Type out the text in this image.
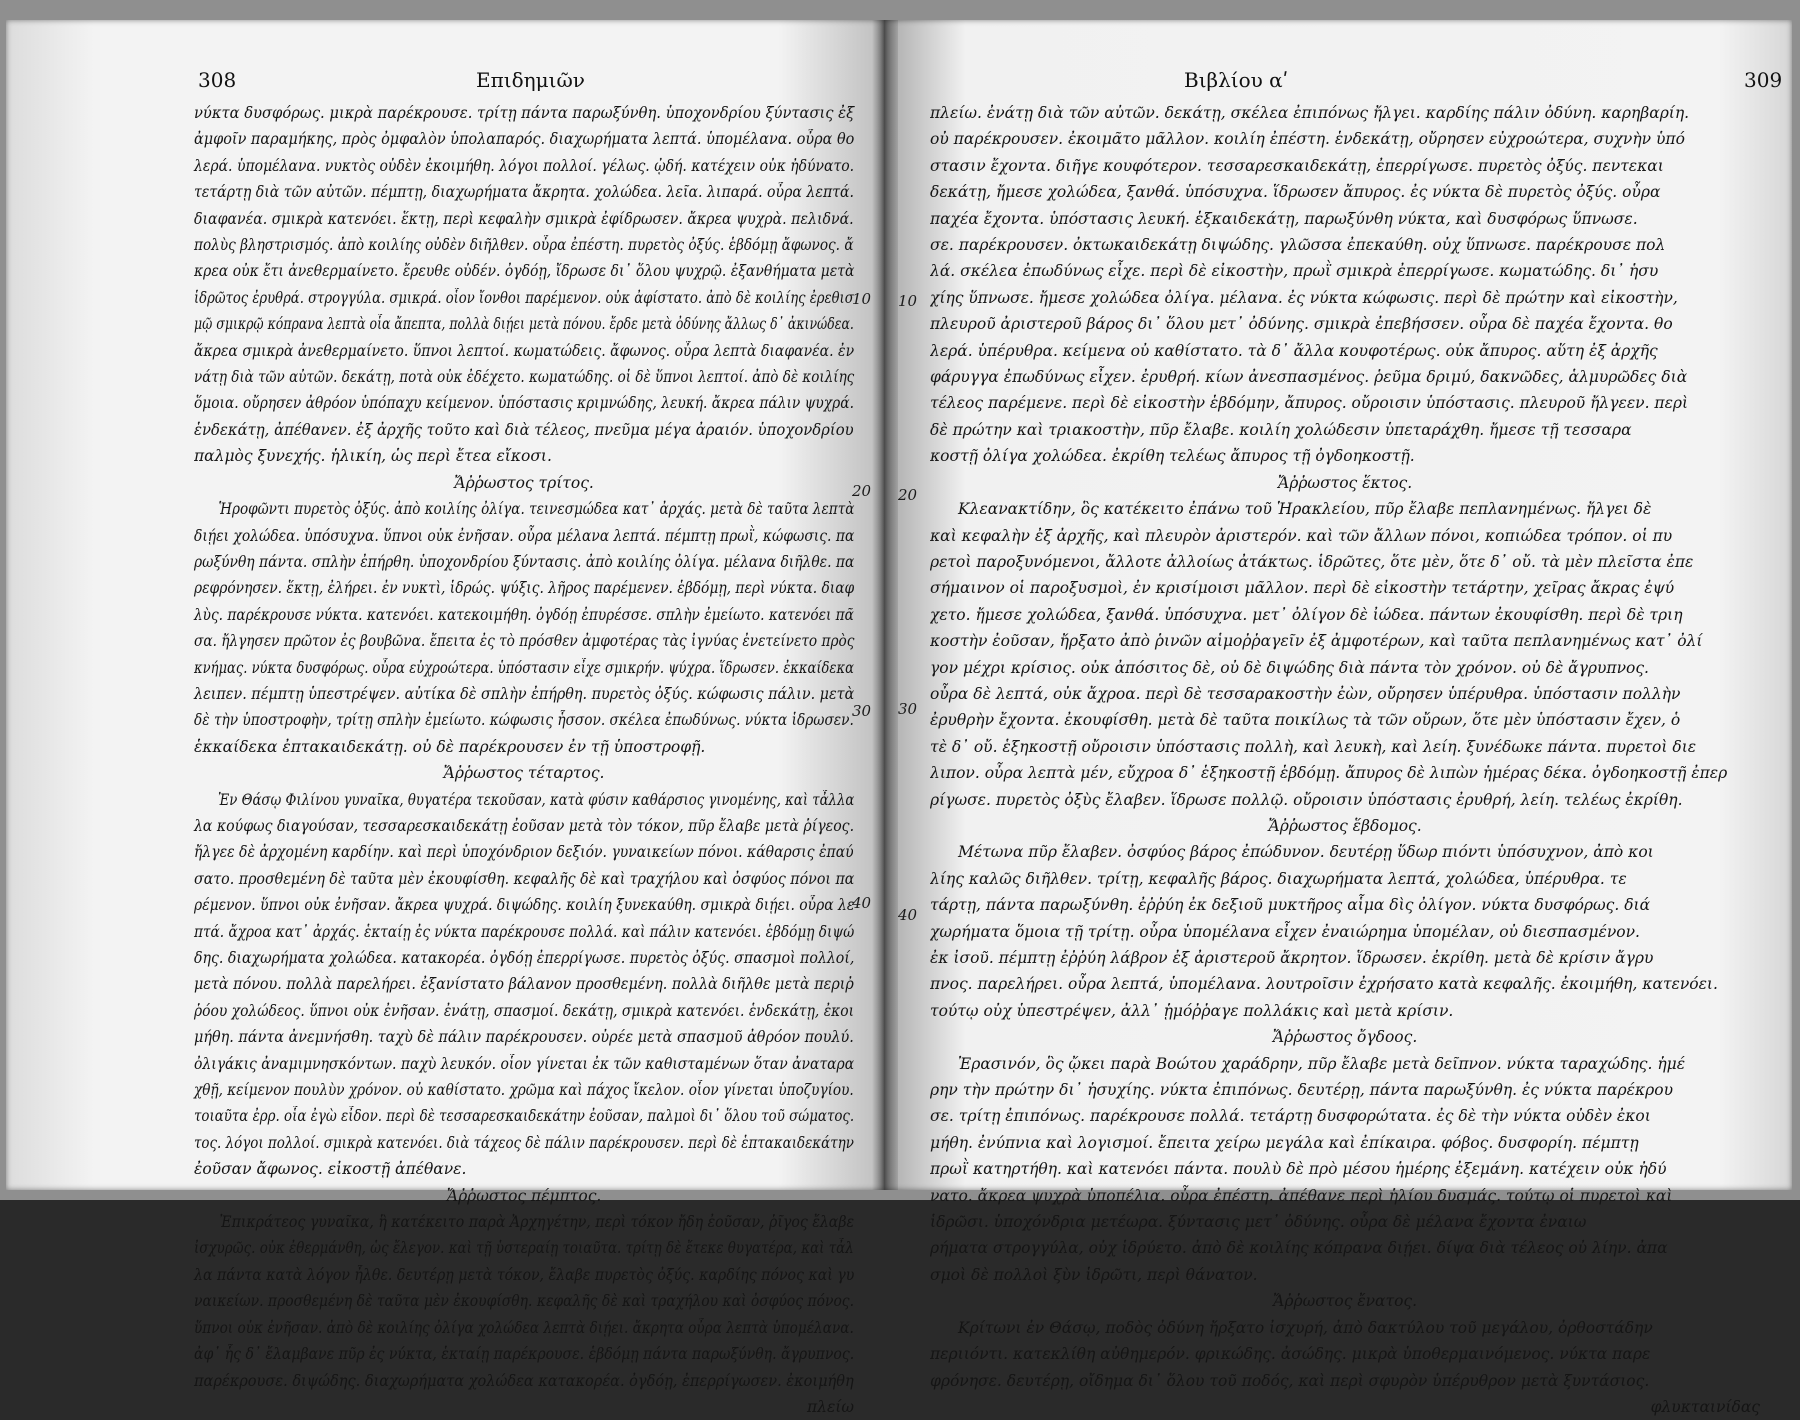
308	Επιδημιῶν
νύκτα δυσφόρως. μικρὰ παρέκρουσε. τρίτῃ πάντα παρωξύνθη. ὑποχονδρίου ξύντασις ἐξ
ἀμφοῖν παραμήκης, πρὸς ὀμφαλὸν ὑπολαπαρός. διαχωρήματα λεπτά. ὑπομέλανα. οὖρα θο
λερά. ὑπομέλανα. νυκτὸς οὐδὲν ἐκοιμήθη. λόγοι πολλοί. γέλως. ᾠδή. κατέχειν οὐκ ἠδύνατο.
τετάρτῃ διὰ τῶν αὐτῶν. πέμπτῃ, διαχωρήματα ἄκρητα. χολώδεα. λεῖα. λιπαρά. οὖρα λεπτά.
διαφανέα. σμικρὰ κατενόει. ἕκτῃ, περὶ κεφαλὴν σμικρὰ ἐφίδρωσεν. ἄκρεα ψυχρὰ. πελιδνά.
πολὺς βληστρισμός. ἀπὸ κοιλίης οὐδὲν διῆλθεν. οὖρα ἐπέστη. πυρετὸς ὀξύς. ἑβδόμῃ ἄφωνος. ἄ
κρεα οὐκ ἔτι ἀνεθερμαίνετο. ἔρευθε οὐδέν. ὀγδόῃ, ἴδρωσε δι᾽ ὅλου ψυχρῷ. ἐξανθήματα μετὰ
ἱδρῶτος ἐρυθρά. στρογγύλα. σμικρά. οἷον ἴονθοι παρέμενον. οὐκ ἀφίστατο. ἀπὸ δὲ κοιλίης ἐρεθισ
μῷ σμικρῷ κόπρανα λεπτὰ οἷα ἄπεπτα, πολλὰ διῄει μετὰ πόνου. ἔρδε μετὰ ὀδύνης ἄλλως δ᾽ ἀκινώδεα.
ἄκρεα σμικρὰ ἀνεθερμαίνετο. ὕπνοι λεπτοί. κωματώδεις. ἄφωνος. οὖρα λεπτὰ διαφανέα. ἐν
νάτῃ διὰ τῶν αὐτῶν. δεκάτῃ, ποτὰ οὐκ ἐδέχετο. κωματώδης. οἱ δὲ ὕπνοι λεπτοί. ἀπὸ δὲ κοιλίης
ὅμοια. οὔρησεν ἀθρόον ὑπόπαχυ κείμενον. ὑπόστασις κριμνώδης, λευκή. ἄκρεα πάλιν ψυχρά.
ἑνδεκάτῃ, ἀπέθανεν. ἐξ ἀρχῆς τοῦτο καὶ διὰ τέλεος, πνεῦμα μέγα ἀραιόν. ὑποχονδρίου
παλμὸς ξυνεχής. ἡλικίη, ὡς περὶ ἔτεα εἴκοσι.
Ἄῤῥωστος τρίτος.
Ἡροφῶντι πυρετὸς ὀξύς. ἀπὸ κοιλίης ὀλίγα. τεινεσμώδεα κατ᾽ ἀρχάς. μετὰ δὲ ταῦτα λεπτὰ
διῄει χολώδεα. ὑπόσυχνα. ὕπνοι οὐκ ἐνῆσαν. οὖρα μέλανα λεπτά. πέμπτῃ πρωῒ, κώφωσις. πα
ρωξύνθη πάντα. σπλὴν ἐπήρθη. ὑποχονδρίου ξύντασις. ἀπὸ κοιλίης ὀλίγα. μέλανα διῆλθε. πα
ρεφρόνησεν. ἕκτῃ, ἐλήρει. ἐν νυκτὶ, ἱδρώς. ψύξις. λῆρος παρέμενεν. ἑβδόμῃ, περὶ νύκτα. διαφ
λὺς. παρέκρουσε νύκτα. κατενόει. κατεκοιμήθη. ὀγδόῃ ἐπυρέσσε. σπλὴν ἐμείωτο. κατενόει πᾶ
σα. ἤλγησεν πρῶτον ἐς βουβῶνα. ἔπειτα ἐς τὸ πρόσθεν ἀμφοτέρας τὰς ἰγνύας ἐνετείνετο πρὸς
κνήμας. νύκτα δυσφόρως. οὖρα εὐχροώτερα. ὑπόστασιν εἶχε σμικρήν. ψύχρα. ἵδρωσεν. ἐκκαίδεκα
λειπεν. πέμπτῃ ὑπεστρέψεν. αὐτίκα δὲ σπλὴν ἐπήρθη. πυρετὸς ὀξύς. κώφωσις πάλιν. μετὰ
δὲ τὴν ὑποστροφὴν, τρίτῃ σπλὴν ἐμείωτο. κώφωσις ἧσσον. σκέλεα ἐπωδύνως. νύκτα ἱδρωσεν.
ἑκκαίδεκα ἐπτακαιδεκάτῃ. οὐ δὲ παρέκρουσεν ἐν τῇ ὑποστροφῇ.
Ἄῤῥωστος τέταρτος.
Ἐν Θάσῳ Φιλίνου γυναῖκα, θυγατέρα τεκοῦσαν, κατὰ φύσιν καθάρσιος γινομένης, καὶ τἆλλα
λα κούφως διαγούσαν, τεσσαρεσκαιδεκάτῃ ἐοῦσαν μετὰ τὸν τόκον, πῦρ ἔλαβε μετὰ ῥίγεος.
ἤλγεε δὲ ἀρχομένη καρδίην. καὶ περὶ ὑποχόνδριον δεξιόν. γυναικείων πόνοι. κάθαρσις ἐπαύ
σατο. προσθεμένη δὲ ταῦτα μὲν ἐκουφίσθη. κεφαλῆς δὲ καὶ τραχήλου καὶ ὀσφύος πόνοι πα
ρέμενον. ὕπνοι οὐκ ἐνῆσαν. ἄκρεα ψυχρά. διψώδης. κοιλίη ξυνεκαύθη. σμικρὰ διῄει. οὖρα λε
πτά. ἄχροα κατ᾽ ἀρχάς. ἑκταίῃ ἐς νύκτα παρέκρουσε πολλά. καὶ πάλιν κατενόει. ἑβδόμῃ διψώ
δης. διαχωρήματα χολώδεα. κατακορέα. ὀγδόῃ ἐπερρίγωσε. πυρετὸς ὀξύς. σπασμοὶ πολλοί,
μετὰ πόνου. πολλὰ παρελήρει. ἐξανίστατο βάλανον προσθεμένη. πολλὰ διῆλθε μετὰ περιῤ
ῥόου χολώδεος. ὕπνοι οὐκ ἐνῆσαν. ἐνάτῃ, σπασμοί. δεκάτῃ, σμικρὰ κατενόει. ἑνδεκάτῃ, ἐκοι
μήθη. πάντα ἀνεμνήσθη. ταχὺ δὲ πάλιν παρέκρουσεν. οὐρέε μετὰ σπασμοῦ ἀθρόον πουλύ.
ὀλιγάκις ἀναμιμνησκόντων. παχὺ λευκόν. οἷον γίνεται ἐκ τῶν καθισταμένων ὅταν ἀναταρα
χθῇ, κείμενον πουλὺν χρόνον. οὐ καθίστατο. χρῶμα καὶ πάχος ἴκελον. οἷον γίνεται ὑποζυγίου.
τοιαῦτα ἐρρ. οἷα ἐγὼ εἶδον. περὶ δὲ τεσσαρεσκαιδεκάτην ἐοῦσαν, παλμοὶ δι᾽ ὅλου τοῦ σώματος.
τος. λόγοι πολλοί. σμικρὰ κατενόει. διὰ τάχεος δὲ πάλιν παρέκρουσεν. περὶ δὲ ἑπτακαιδεκάτην
ἐοῦσαν ἄφωνος. εἰκοστῇ ἀπέθανε.
Ἄῤῥωστος πέμπτος.
Ἐπικράτεος γυναῖκα, ἣ κατέκειτο παρὰ Ἀρχηγέτην, περὶ τόκον ἤδη ἐοῦσαν, ῥῖγος ἔλαβε
ἰσχυρῶς. οὐκ ἐθερμάνθη, ὡς ἔλεγον. καὶ τῇ ὑστεραίῃ τοιαῦτα. τρίτῃ δὲ ἔτεκε θυγατέρα, καὶ τἆλ
λα πάντα κατὰ λόγον ἦλθε. δευτέρῃ μετὰ τόκον, ἔλαβε πυρετὸς ὀξύς. καρδίης πόνος καὶ γυ
ναικείων. προσθεμένη δὲ ταῦτα μὲν ἐκουφίσθη. κεφαλῆς δὲ καὶ τραχήλου καὶ ὀσφύος πόνος.
ὕπνοι οὐκ ἐνῆσαν. ἀπὸ δὲ κοιλίης ὀλίγα χολώδεα λεπτὰ διῄει. ἄκρητα οὖρα λεπτὰ ὑπομέλανα.
ἀφ᾽ ἧς δ᾽ ἔλαμβανε πῦρ ἐς νύκτα, ἑκταίῃ παρέκρουσε. ἑβδόμῃ πάντα παρωξύνθη. ἄγρυπνος.
παρέκρουσε. διψώδης. διαχωρήματα χολώδεα κατακορέα. ὀγδόῃ, ἐπερρίγωσεν. ἐκοιμήθη
πλείω
10
20
30
40
Βιβλίου αʹ	309
πλείω. ἐνάτῃ διὰ τῶν αὐτῶν. δεκάτῃ, σκέλεα ἐπιπόνως ἤλγει. καρδίης πάλιν ὀδύνη. καρηβαρίη.
οὐ παρέκρουσεν. ἐκοιμᾶτο μᾶλλον. κοιλίη ἐπέστη. ἑνδεκάτῃ, οὔρησεν εὐχροώτερα, συχνὴν ὑπό
στασιν ἔχοντα. διῆγε κουφότερον. τεσσαρεσκαιδεκάτῃ, ἐπερρίγωσε. πυρετὸς ὀξύς. πεντεκαι
δεκάτῃ, ἤμεσε χολώδεα, ξανθά. ὑπόσυχνα. ἵδρωσεν ἄπυρος. ἐς νύκτα δὲ πυρετὸς ὀξύς. οὖρα
παχέα ἔχοντα. ὑπόστασις λευκή. ἑξκαιδεκάτῃ, παρωξύνθη νύκτα, καὶ δυσφόρως ὕπνωσε.
σε. παρέκρουσεν. ὀκτωκαιδεκάτῃ διψώδης. γλῶσσα ἐπεκαύθη. οὐχ ὕπνωσε. παρέκρουσε πολ
λά. σκέλεα ἐπωδύνως εἶχε. περὶ δὲ εἰκοστὴν, πρωῒ σμικρὰ ἐπερρίγωσε. κωματώδης. δι᾽ ἡσυ
χίης ὕπνωσε. ἤμεσε χολώδεα ὀλίγα. μέλανα. ἐς νύκτα κώφωσις. περὶ δὲ πρώτην καὶ εἰκοστὴν,
πλευροῦ ἀριστεροῦ βάρος δι᾽ ὅλου μετ᾽ ὀδύνης. σμικρὰ ἐπεβήσσεν. οὖρα δὲ παχέα ἔχοντα. θο
λερά. ὑπέρυθρα. κείμενα οὐ καθίστατο. τὰ δ᾽ ἄλλα κουφοτέρως. οὐκ ἄπυρος. αὕτη ἐξ ἀρχῆς
φάρυγγα ἐπωδύνως εἶχεν. ἐρυθρή. κίων ἀνεσπασμένος. ῥεῦμα δριμύ, δακνῶδες, ἁλμυρῶδες διὰ
τέλεος παρέμενε. περὶ δὲ εἰκοστὴν ἑβδόμην, ἄπυρος. οὔροισιν ὑπόστασις. πλευροῦ ἤλγεεν. περὶ
δὲ πρώτην καὶ τριακοστὴν, πῦρ ἔλαβε. κοιλίη χολώδεσιν ὑπεταράχθη. ἤμεσε τῇ τεσσαρα
κοστῇ ὀλίγα χολώδεα. ἐκρίθη τελέως ἄπυρος τῇ ὀγδοηκοστῇ.
Ἄῤῥωστος ἕκτος.
Κλεανακτίδην, ὃς κατέκειτο ἐπάνω τοῦ Ἡρακλείου, πῦρ ἔλαβε πεπλανημένως. ἤλγει δὲ
καὶ κεφαλὴν ἐξ ἀρχῆς, καὶ πλευρὸν ἀριστερόν. καὶ τῶν ἄλλων πόνοι, κοπιώδεα τρόπον. οἱ πυ
ρετοὶ παροξυνόμενοι, ἄλλοτε ἀλλοίως ἀτάκτως. ἱδρῶτες, ὅτε μὲν, ὅτε δ᾽ οὔ. τὰ μὲν πλεῖστα ἐπε
σήμαινον οἱ παροξυσμοὶ, ἐν κρισίμοισι μᾶλλον. περὶ δὲ εἰκοστὴν τετάρτην, χεῖρας ἄκρας ἐψύ
χετο. ἤμεσε χολώδεα, ξανθά. ὑπόσυχνα. μετ᾽ ὀλίγον δὲ ἰώδεα. πάντων ἐκουφίσθη. περὶ δὲ τριη
κοστὴν ἐοῦσαν, ἤρξατο ἀπὸ ῥινῶν αἱμοῤῥαγεῖν ἐξ ἀμφοτέρων, καὶ ταῦτα πεπλανημένως κατ᾽ ὀλί
γον μέχρι κρίσιος. οὐκ ἀπόσιτος δὲ, οὐ δὲ διψώδης διὰ πάντα τὸν χρόνον. οὐ δὲ ἄγρυπνος.
οὖρα δὲ λεπτά, οὐκ ἄχροα. περὶ δὲ τεσσαρακοστὴν ἐὼν, οὔρησεν ὑπέρυθρα. ὑπόστασιν πολλὴν
ἐρυθρὴν ἔχοντα. ἐκουφίσθη. μετὰ δὲ ταῦτα ποικίλως τὰ τῶν οὔρων, ὅτε μὲν ὑπόστασιν ἔχεν, ὁ
τὲ δ᾽ οὔ. ἑξηκοστῇ οὔροισιν ὑπόστασις πολλὴ, καὶ λευκὴ, καὶ λείη. ξυνέδωκε πάντα. πυρετοὶ διε
λιπον. οὖρα λεπτὰ μέν, εὔχροα δ᾽ ἑξηκοστῇ ἑβδόμῃ. ἄπυρος δὲ λιπὼν ἡμέρας δέκα. ὀγδοηκοστῇ ἐπερ
ρίγωσε. πυρετὸς ὀξὺς ἔλαβεν. ἵδρωσε πολλῷ. οὔροισιν ὑπόστασις ἐρυθρή, λείη. τελέως ἐκρίθη.
Ἄῤῥωστος ἕβδομος.
Μέτωνα πῦρ ἔλαβεν. ὀσφύος βάρος ἐπώδυνον. δευτέρῃ ὕδωρ πιόντι ὑπόσυχνον, ἀπὸ κοι
λίης καλῶς διῆλθεν. τρίτῃ, κεφαλῆς βάρος. διαχωρήματα λεπτά, χολώδεα, ὑπέρυθρα. τε
τάρτῃ, πάντα παρωξύνθη. ἐῤῥύη ἐκ δεξιοῦ μυκτῆρος αἷμα δὶς ὀλίγον. νύκτα δυσφόρως. διά
χωρήματα ὅμοια τῇ τρίτῃ. οὖρα ὑπομέλανα εἶχεν ἐναιώρημα ὑπομέλαν, οὐ διεσπασμένον.
ἐκ ἰσοῦ. πέμπτῃ ἐῤῥύη λάβρον ἐξ ἀριστεροῦ ἄκρητον. ἵδρωσεν. ἐκρίθη. μετὰ δὲ κρίσιν ἄγρυ
πνος. παρελήρει. οὖρα λεπτά, ὑπομέλανα. λουτροῖσιν ἐχρήσατο κατὰ κεφαλῆς. ἐκοιμήθη, κατενόει.
τούτῳ οὐχ ὑπεστρέψεν, ἀλλ᾽ ᾑμόῤῥαγε πολλάκις καὶ μετὰ κρίσιν.
Ἄῤῥωστος ὄγδοος.
Ἐρασινόν, ὃς ᾤκει παρὰ Βοώτου χαράδρην, πῦρ ἔλαβε μετὰ δεῖπνον. νύκτα ταραχώδης. ἡμέ
ρην τὴν πρώτην δι᾽ ἡσυχίης. νύκτα ἐπιπόνως. δευτέρῃ, πάντα παρωξύνθη. ἐς νύκτα παρέκρου
σε. τρίτῃ ἐπιπόνως. παρέκρουσε πολλά. τετάρτῃ δυσφορώτατα. ἐς δὲ τὴν νύκτα οὐδὲν ἐκοι
μήθη. ἐνύπνια καὶ λογισμοί. ἔπειτα χείρω μεγάλα καὶ ἐπίκαιρα. φόβος. δυσφορίη. πέμπτῃ
πρωῒ κατηρτήθη. καὶ κατενόει πάντα. πουλὺ δὲ πρὸ μέσου ἡμέρης ἐξεμάνη. κατέχειν οὐκ ἠδύ
νατο. ἄκρεα ψυχρὰ ὑποπέλια. οὖρα ἐπέστη. ἀπέθανε περὶ ἡλίου δυσμάς. τούτῳ οἱ πυρετοὶ καὶ
ἱδρῶσι. ὑποχόνδρια μετέωρα. ξύντασις μετ᾽ ὀδύνης. οὖρα δὲ μέλανα ἔχοντα ἐναιω
ρήματα στρογγύλα, οὐχ ἱδρύετο. ἀπὸ δὲ κοιλίης κόπρανα διῄει. δίψα διὰ τέλεος οὐ λίην. ἀπα
σμοὶ δὲ πολλοὶ ξὺν ἱδρῶτι, περὶ θάνατον.
Ἄῤῥωστος ἔνατος.
Κρίτωνι ἐν Θάσῳ, ποδὸς ὀδύνη ἤρξατο ἰσχυρή, ἀπὸ δακτύλου τοῦ μεγάλου, ὀρθοστάδην
περιιόντι. κατεκλίθη αὐθημερόν. φρικώδης. ἀσώδης. μικρὰ ὑποθερμαινόμενος. νύκτα παρε
φρόνησε. δευτέρῃ, οἴδημα δι᾽ ὅλου τοῦ ποδός, καὶ περὶ σφυρὸν ὑπέρυθρον μετὰ ξυντάσιος.
φλυκταινίδας
10
20
30
40
